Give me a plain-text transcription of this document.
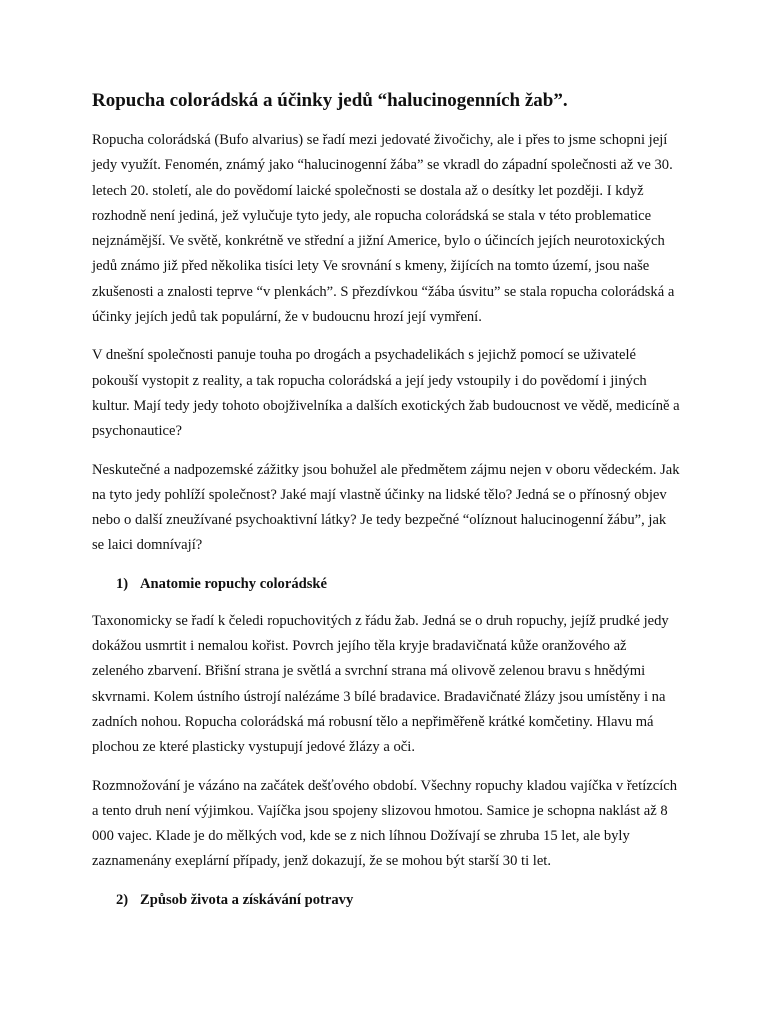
Ropucha colorádská a účinky jedů “halucinogenních žab”.

Ropucha colorádská (Bufo alvarius) se řadí mezi jedovaté živočichy, ale i přes to jsme schopni její jedy využít. Fenomén, známý jako “halucinogenní žába” se vkradl do západní společnosti až ve 30. letech 20. století, ale do povědomí laické společnosti se dostala až o desítky let později. I když rozhodně není jediná, jež vylučuje tyto jedy, ale ropucha colorádská se stala v této problematice nejznámější. Ve světě, konkrétně ve střední a jižní Americe, bylo o účincích jejích neurotoxických jedů známo již před několika tisíci lety Ve srovnání s kmeny, žijících na tomto území, jsou naše zkušenosti a znalosti teprve “v plenkách”. S přezdívkou “žába úsvitu” se stala ropucha colorádská a účinky jejích jedů tak populární, že v budoucnu hrozí její vymření.

V dnešní společnosti panuje touha po drogách a psychadelikách s jejichž pomocí se uživatelé pokouší vystopit z reality, a tak ropucha colorádská a její jedy vstoupily i do povědomí i jiných kultur. Mají tedy jedy tohoto obojživelníka a dalších exotických žab budoucnost ve vědě, medicíně a psychonautice?

Neskutečné a nadpozemské zážitky jsou bohužel ale předmětem zájmu nejen v oboru vědeckém. Jak na tyto jedy pohlíží společnost? Jaké mají vlastně účinky na lidské tělo? Jedná se o přínosný objev nebo o další zneužívané psychoaktivní látky? Je tedy bezpečné “olíznout halucinogenní žábu”, jak se laici domnívají?

1) Anatomie ropuchy colorádské

Taxonomicky se řadí k čeledi ropuchovitých z řádu žab. Jedná se o druh ropuchy, jejíž prudké jedy dokážou usmrtit i nemalou kořist. Povrch jejího těla kryje bradavičnatá kůže oranžového až zeleného zbarvení. Břišní strana je světlá a svrchní strana má olivově zelenou bravu s hnědými skvrnami. Kolem ústního ústrojí nalézáme 3 bílé bradavice. Bradavičnaté žlázy jsou umístěny i na zadních nohou. Ropucha colorádská má robusní tělo a nepřiměřeně krátké komčetiny. Hlavu má plochou ze které plasticky vystupují jedové žlázy a oči.

Rozmnožování je vázáno na začátek dešťového období. Všechny ropuchy kladou vajíčka v řetízcích a tento druh není výjimkou. Vajíčka jsou spojeny slizovou hmotou. Samice je schopna naklást až 8 000 vajec. Klade je do mělkých vod, kde se z nich líhnou Dožívají se zhruba 15 let, ale byly zaznamenány exeplární případy, jenž dokazují, že se mohou být starší 30 ti let.

2) Způsob života a získávání potravy
